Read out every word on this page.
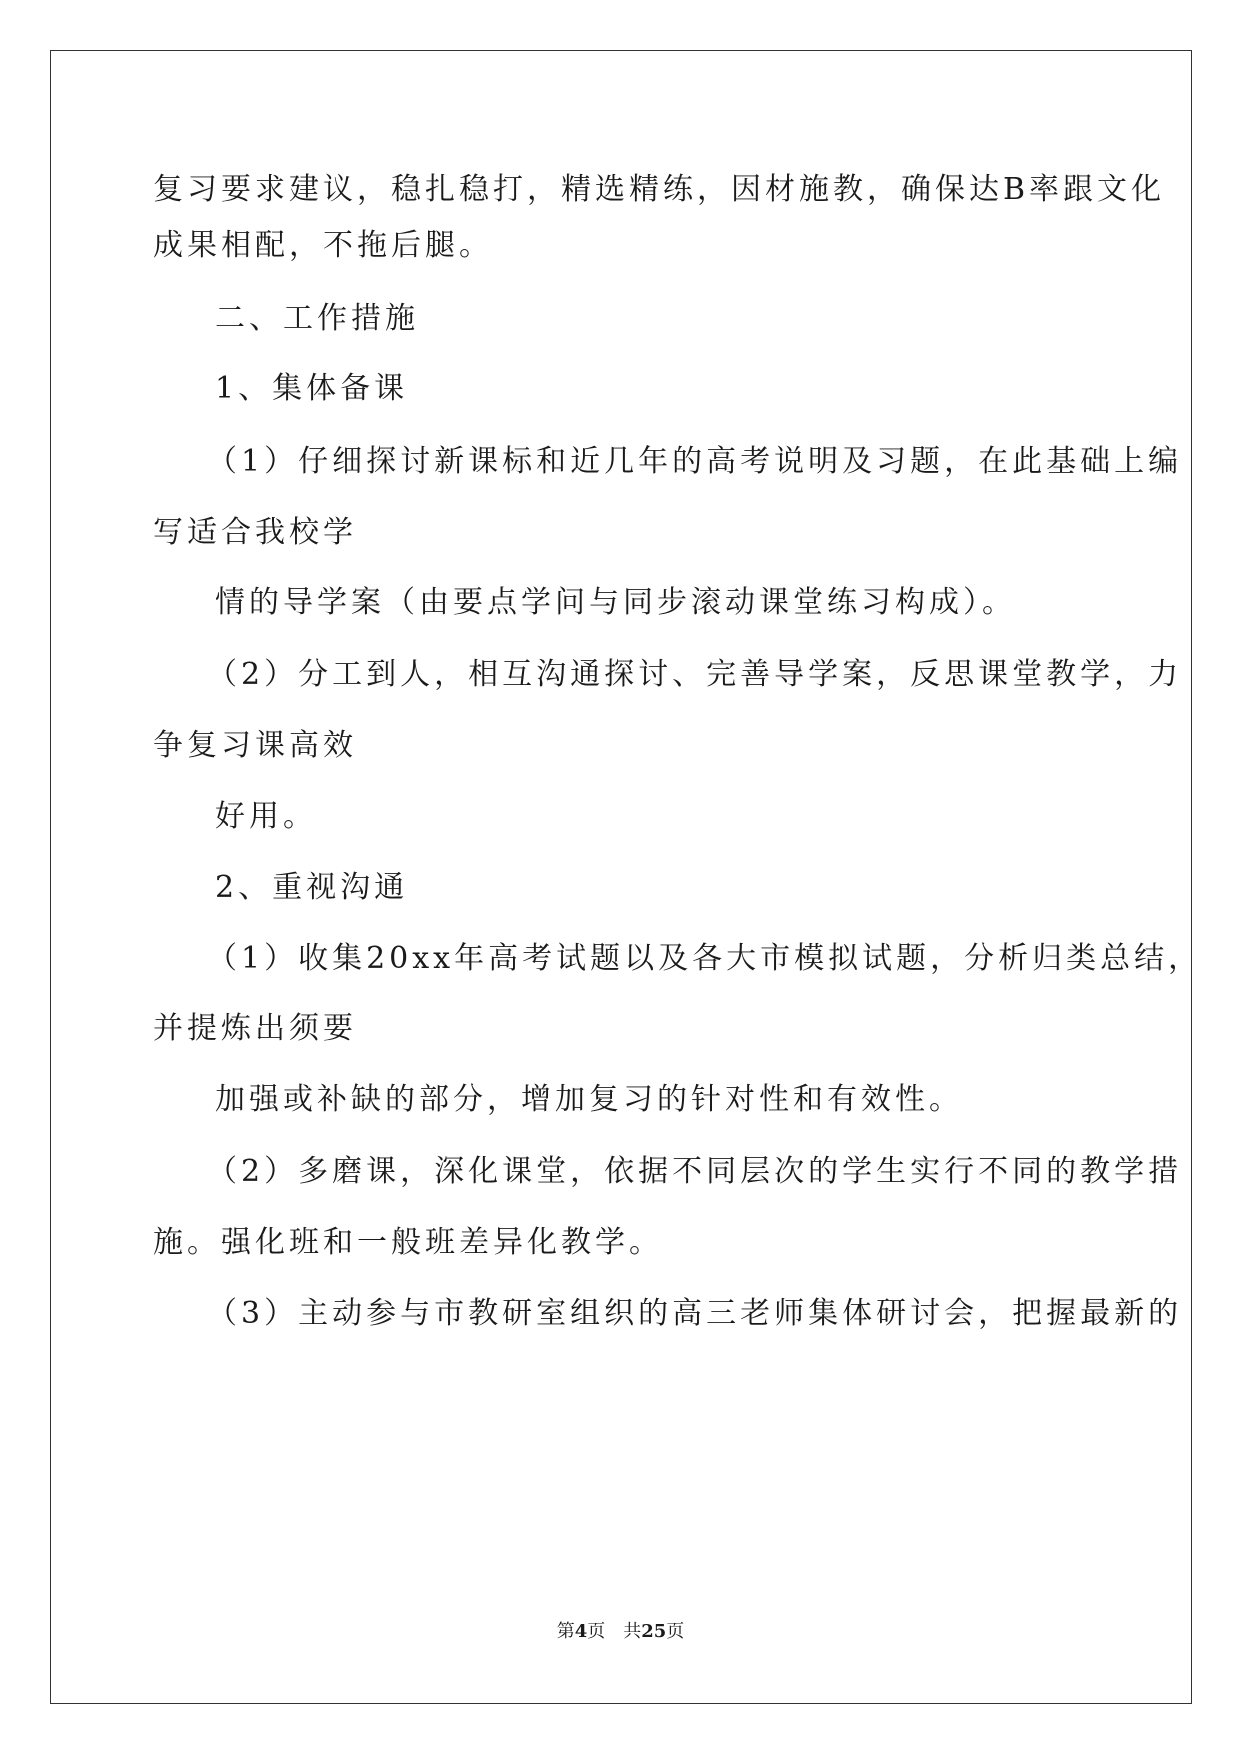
复习要求建议，稳扎稳打，精选精练，因材施教，确保达B率跟文化
成果相配，不拖后腿。
二、工作措施
1、集体备课
（1）仔细探讨新课标和近几年的高考说明及习题，在此基础上编
写适合我校学
情的导学案（由要点学问与同步滚动课堂练习构成）。
（2）分工到人，相互沟通探讨、完善导学案，反思课堂教学，力
争复习课高效
好用。
2、重视沟通
（1）收集20xx年高考试题以及各大市模拟试题，分析归类总结，
并提炼出须要
加强或补缺的部分，增加复习的针对性和有效性。
（2）多磨课，深化课堂，依据不同层次的学生实行不同的教学措
施。强化班和一般班差异化教学。
（3）主动参与市教研室组织的高三老师集体研讨会，把握最新的
第4页 共25页
